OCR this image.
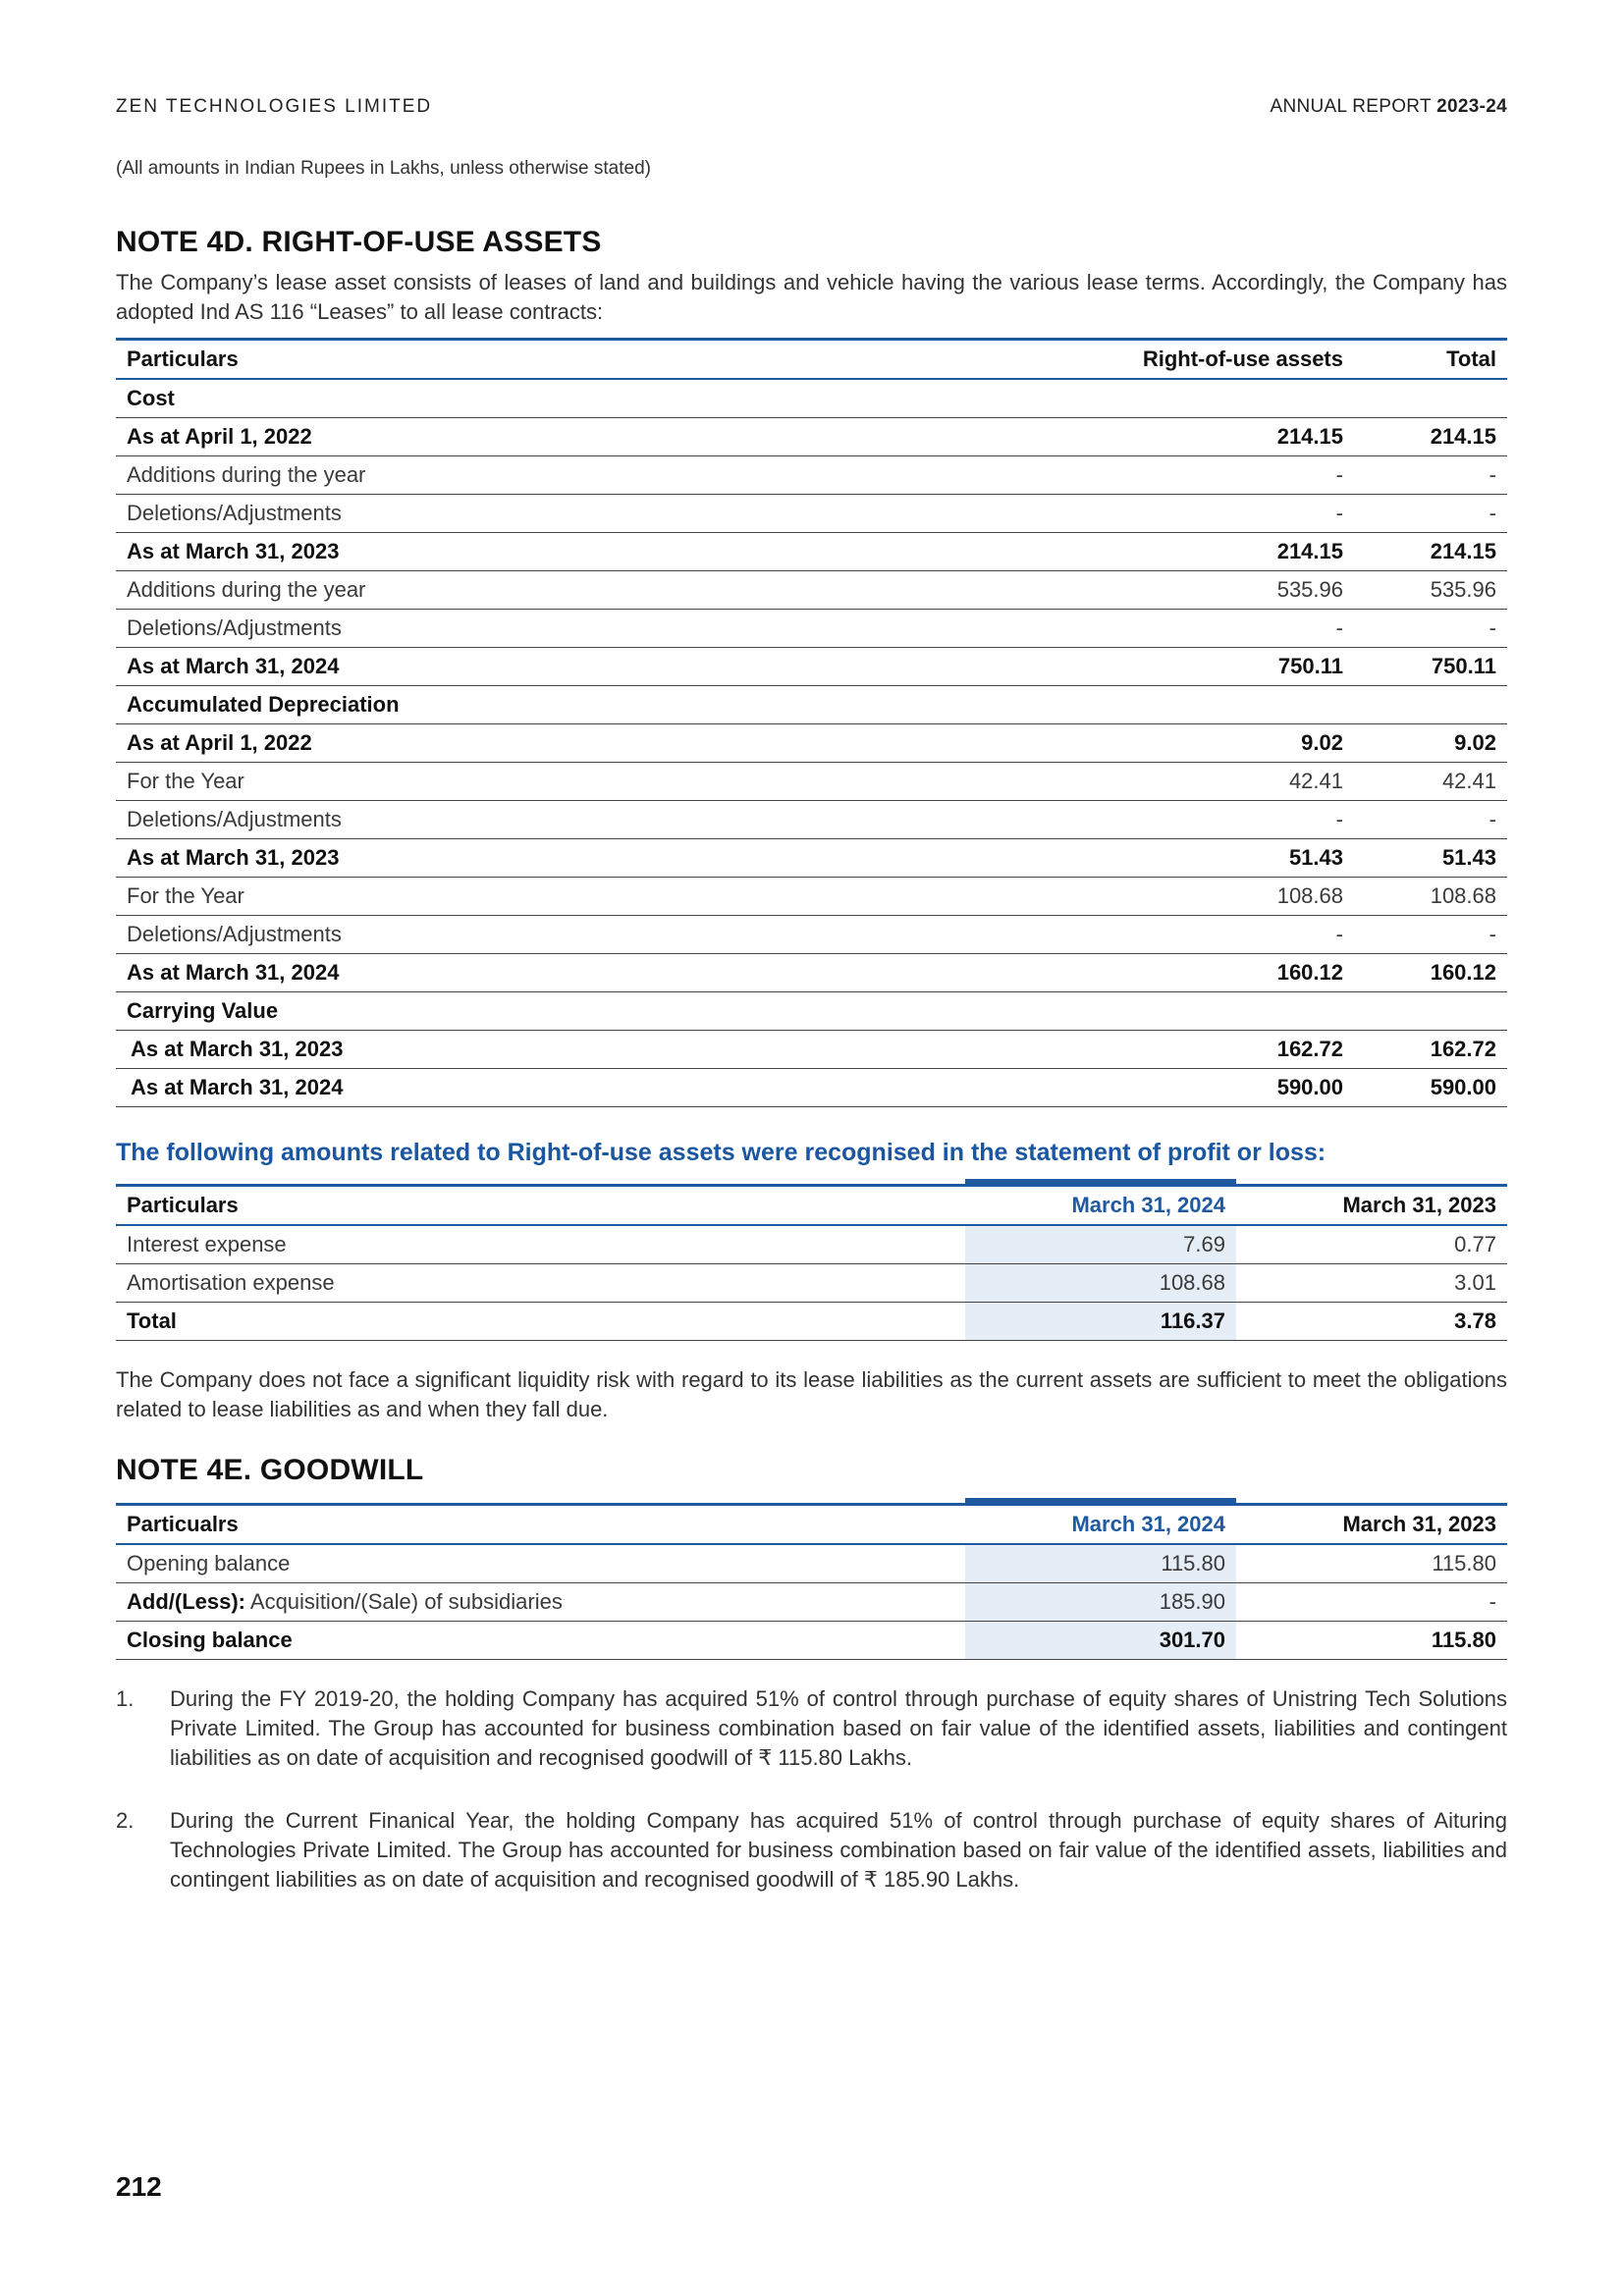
ZEN TECHNOLOGIES LIMITED	ANNUAL REPORT 2023-24
(All amounts in Indian Rupees in Lakhs, unless otherwise stated)
NOTE 4D. RIGHT-OF-USE ASSETS

The Company’s lease asset consists of leases of land and buildings and vehicle having the various lease terms. Accordingly, the Company has adopted Ind AS 116 “Leases” to all lease contracts:

Particulars	Right-of-use assets	Total
Cost		
As at April 1, 2022	214.15	214.15
Additions during the year	-	-
Deletions/Adjustments	-	-
As at March 31, 2023	214.15	214.15
Additions during the year	535.96	535.96
Deletions/Adjustments	-	-
As at March 31, 2024	750.11	750.11
Accumulated Depreciation		
As at April 1, 2022	9.02	9.02
For the Year	42.41	42.41
Deletions/Adjustments	-	-
As at March 31, 2023	51.43	51.43
For the Year	108.68	108.68
Deletions/Adjustments	-	-
As at March 31, 2024	160.12	160.12
Carrying Value		
As at March 31, 2023	162.72	162.72
As at March 31, 2024	590.00	590.00
The following amounts related to Right-of-use assets were recognised in the statement of profit or loss:
Particulars	March 31, 2024	March 31, 2023
Interest expense	7.69	0.77
Amortisation expense	108.68	3.01
Total	116.37	3.78

The Company does not face a significant liquidity risk with regard to its lease liabilities as the current assets are sufficient to meet the obligations related to lease liabilities as and when they fall due.

NOTE 4E. GOODWILL
Particualrs	March 31, 2024	March 31, 2023
Opening balance	115.80	115.80
Add/(Less): Acquisition/(Sale) of subsidiaries	185.90	-
Closing balance	301.70	115.80
1. During the FY 2019-20, the holding Company has acquired 51% of control through purchase of equity shares of Unistring Tech Solutions Private Limited. The Group has accounted for business combination based on fair value of the identified assets, liabilities and contingent liabilities as on date of acquisition and recognised goodwill of ₹ 115.80 Lakhs.
2. During the Current Finanical Year, the holding Company has acquired 51% of control through purchase of equity shares of Aituring Technologies Private Limited. The Group has accounted for business combination based on fair value of the identified assets, liabilities and contingent liabilities as on date of acquisition and recognised goodwill of ₹ 185.90 Lakhs.
212
